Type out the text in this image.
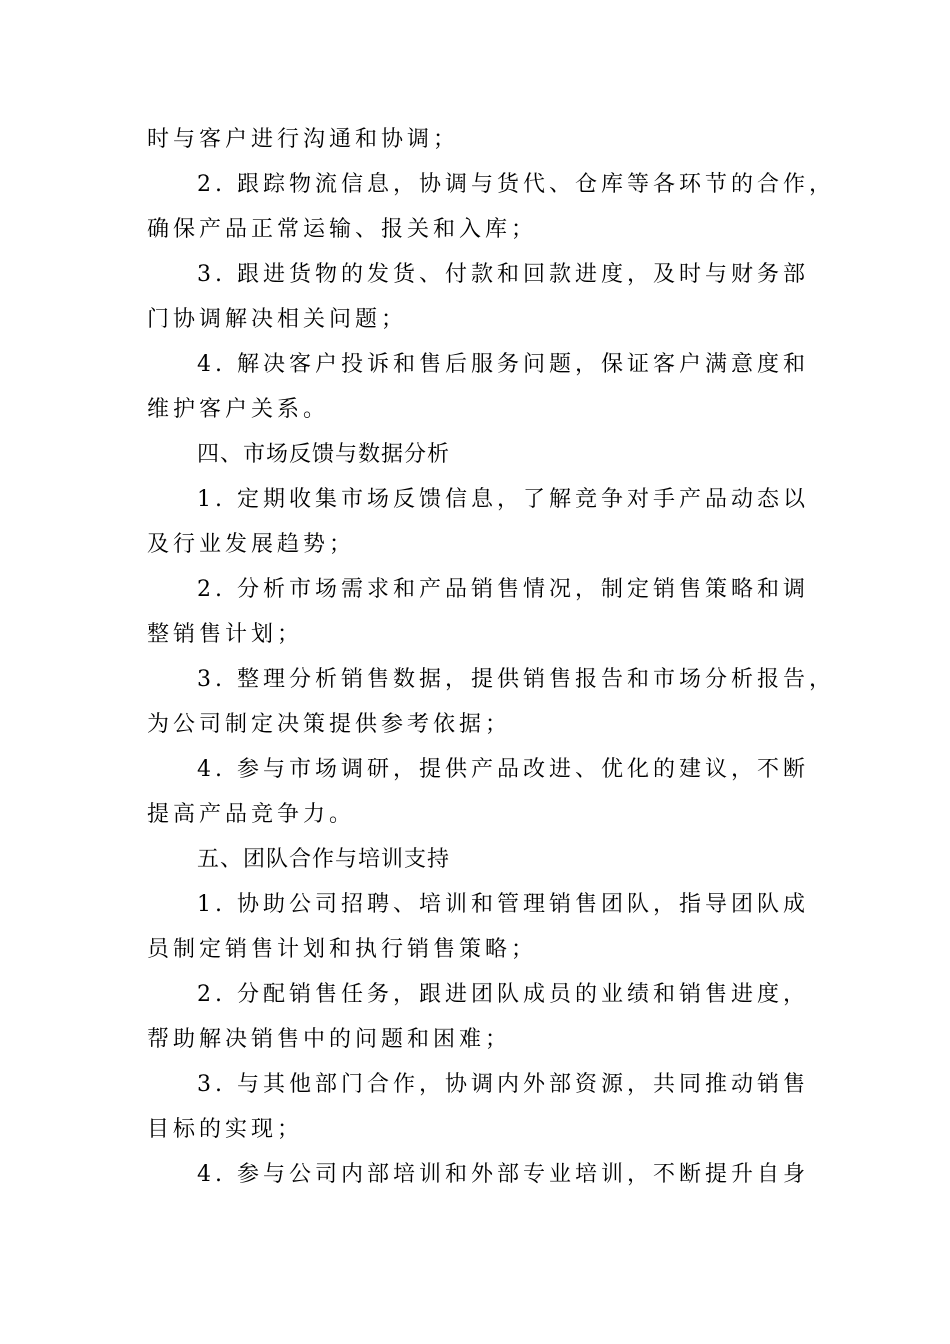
时与客户进行沟通和协调；
2. 跟踪物流信息，协调与货代、仓库等各环节的合作，
确保产品正常运输、报关和入库；
3. 跟进货物的发货、付款和回款进度，及时与财务部
门协调解决相关问题；
4. 解决客户投诉和售后服务问题，保证客户满意度和
维护客户关系。
四、市场反馈与数据分析
1. 定期收集市场反馈信息，了解竞争对手产品动态以
及行业发展趋势；
2. 分析市场需求和产品销售情况，制定销售策略和调
整销售计划；
3. 整理分析销售数据，提供销售报告和市场分析报告，
为公司制定决策提供参考依据；
4. 参与市场调研，提供产品改进、优化的建议，不断
提高产品竞争力。
五、团队合作与培训支持
1. 协助公司招聘、培训和管理销售团队，指导团队成
员制定销售计划和执行销售策略；
2. 分配销售任务，跟进团队成员的业绩和销售进度，
帮助解决销售中的问题和困难；
3. 与其他部门合作，协调内外部资源，共同推动销售
目标的实现；
4. 参与公司内部培训和外部专业培训，不断提升自身
